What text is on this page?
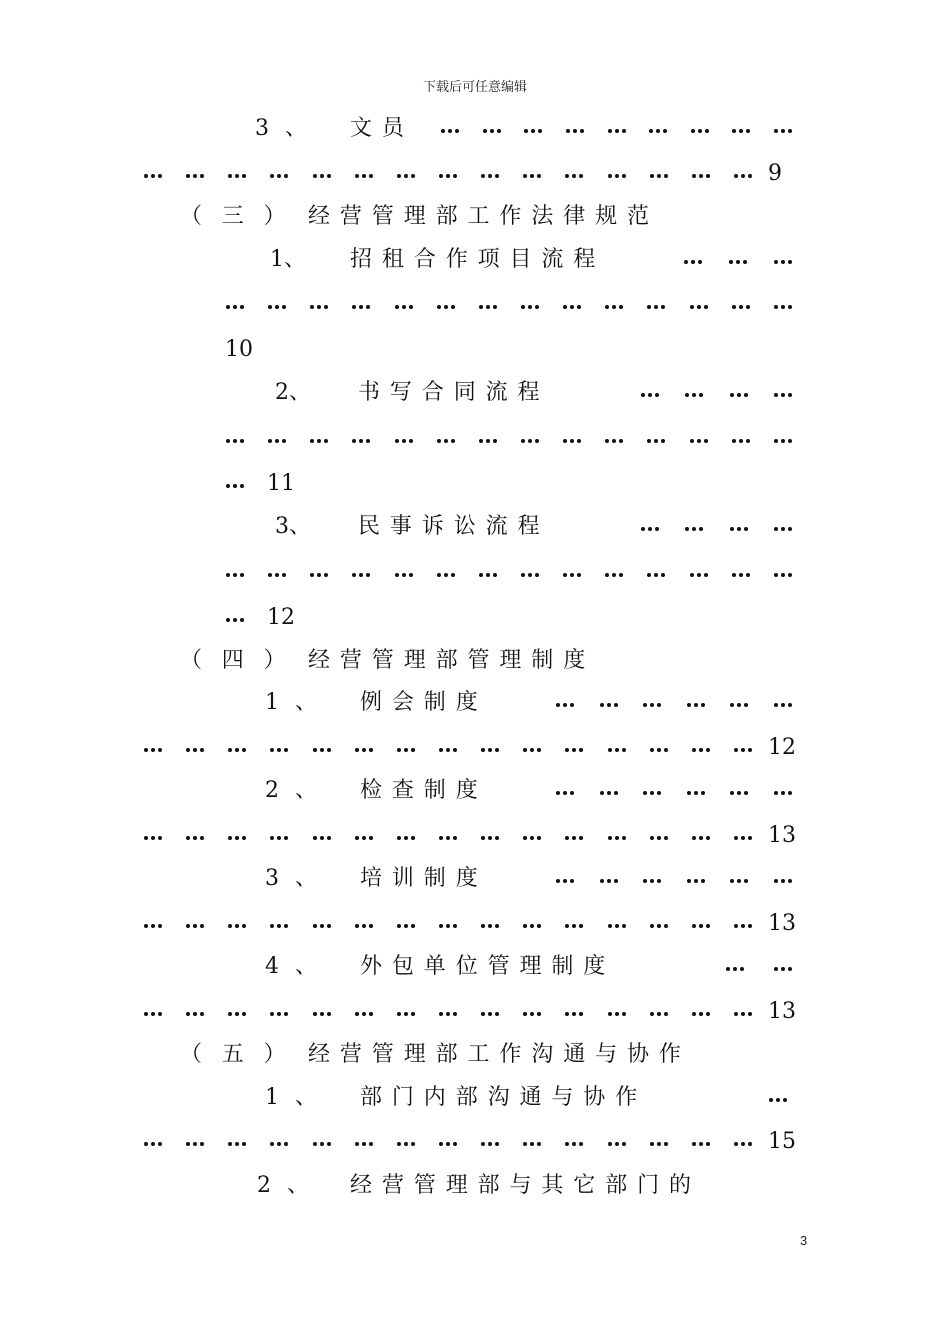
下载后可任意编辑
3 、 文员
9
（三） 经营管理部工作法律规范
1、 招租合作项目流程
10
2、 书写合同流程
11
3、 民事诉讼流程
12
（四） 经营管理部管理制度
1 、 例会制度
12
2 、 检查制度
13
3 、 培训制度
13
4 、 外包单位管理制度
13
（五） 经营管理部工作沟通与协作
1 、 部门内部沟通与协作
15
2 、 经营管理部与其它部门的
3
